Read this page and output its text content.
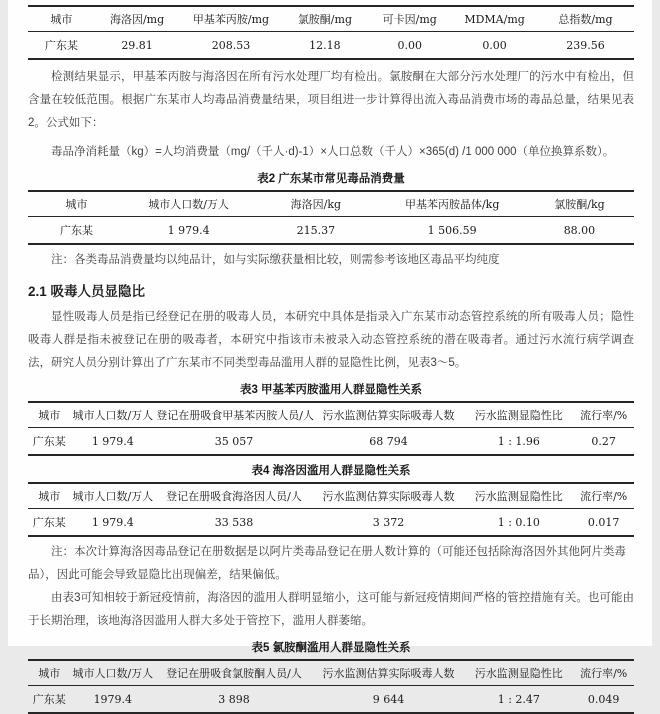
城市	海洛因/mg	甲基苯丙胺/mg	氯胺酮/mg	可卡因/mg	MDMA/mg	总指数/mg
广东某	29.81	208.53	12.18	0.00	0.00	239.56

检测结果显示，甲基苯丙胺与海洛因在所有污水处理厂均有检出。氯胺酮在大部分污水处理厂的污水中有检出，但含量在较低范围。根据广东某市人均毒品消费量结果，项目组进一步计算得出流入毒品消费市场的毒品总量，结果见表2。公式如下：

毒品净消耗量（kg）=人均消费量（mg/（千人·d)-1）×人口总数（千人）×365(d) /1 000 000（单位换算系数）。

表2 广东某市常见毒品消费量
城市	城市人口数/万人	海洛因/kg	甲基苯丙胺晶体/kg	氯胺酮/kg
广东某	1 979.4	215.37	1 506.59	88.00

注：各类毒品消费量均以纯品计，如与实际缴获量相比较，则需参考该地区毒品平均纯度

2.1 吸毒人员显隐比

显性吸毒人员是指已经登记在册的吸毒人员，本研究中具体是指录入广东某市动态管控系统的所有吸毒人员；隐性吸毒人群是指未被登记在册的吸毒者，本研究中指该市未被录入动态管控系统的潜在吸毒者。通过污水流行病学调查法，研究人员分别计算出了广东某市不同类型毒品滥用人群的显隐性比例，见表3～5。

表3 甲基苯丙胺滥用人群显隐性关系
城市	城市人口数/万人	登记在册吸食甲基苯丙胺人员/人	污水监测估算实际吸毒人数	污水监测显隐性比	流行率/%
广东某	1 979.4	35 057	68 794	1 : 1.96	0.27
表4 海洛因滥用人群显隐性关系
城市	城市人口数/万人	登记在册吸食海洛因人员/人	污水监测估算实际吸毒人数	污水监测显隐性比	流行率/%
广东某	1 979.4	33 538	3 372	1 : 0.10	0.017

注：本次计算海洛因毒品登记在册数据是以阿片类毒品登记在册人数计算的（可能还包括除海洛因外其他阿片类毒品），因此可能会导致显隐比出现偏差，结果偏低。

由表3可知相较于新冠疫情前，海洛因的滥用人群明显缩小，这可能与新冠疫情期间严格的管控措施有关。也可能由于长期治理，该地海洛因滥用人群大多处于管控下，滥用人群萎缩。

表5 氯胺酮滥用人群显隐性关系
城市	城市人口数/万人	登记在册吸食氯胺酮人员/人	污水监测估算实际吸毒人数	污水监测显隐性比	流行率/%
广东某	1979.4	3 898	9 644	1 : 2.47	0.049
